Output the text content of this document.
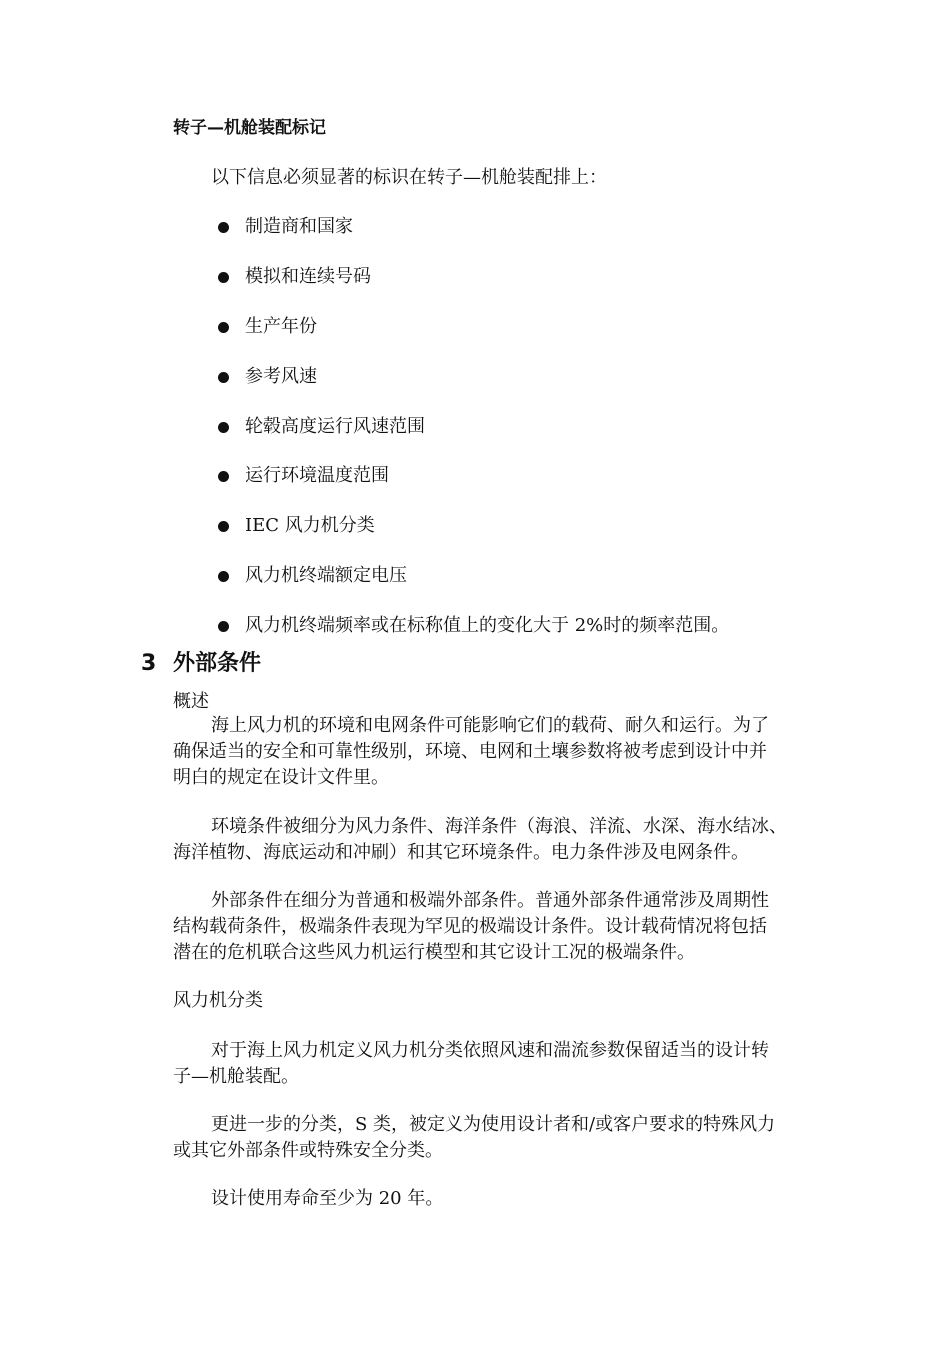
转子—机舱装配标记
以下信息必须显著的标识在转子—机舱装配排上：
制造商和国家
模拟和连续号码
生产年份
参考风速
轮毂高度运行风速范围
运行环境温度范围
IEC 风力机分类
风力机终端额定电压
风力机终端频率或在标称值上的变化大于 2%时的频率范围。
3 外部条件
概述
海上风力机的环境和电网条件可能影响它们的载荷、耐久和运行。为了
确保适当的安全和可靠性级别，环境、电网和土壤参数将被考虑到设计中并
明白的规定在设计文件里。
环境条件被细分为风力条件、海洋条件（海浪、洋流、水深、海水结冰、
海洋植物、海底运动和冲刷）和其它环境条件。电力条件涉及电网条件。
外部条件在细分为普通和极端外部条件。普通外部条件通常涉及周期性
结构载荷条件，极端条件表现为罕见的极端设计条件。设计载荷情况将包括
潜在的危机联合这些风力机运行模型和其它设计工况的极端条件。
风力机分类
对于海上风力机定义风力机分类依照风速和湍流参数保留适当的设计转
子—机舱装配。
更进一步的分类，S 类，被定义为使用设计者和/或客户要求的特殊风力
或其它外部条件或特殊安全分类。
设计使用寿命至少为 20 年。
